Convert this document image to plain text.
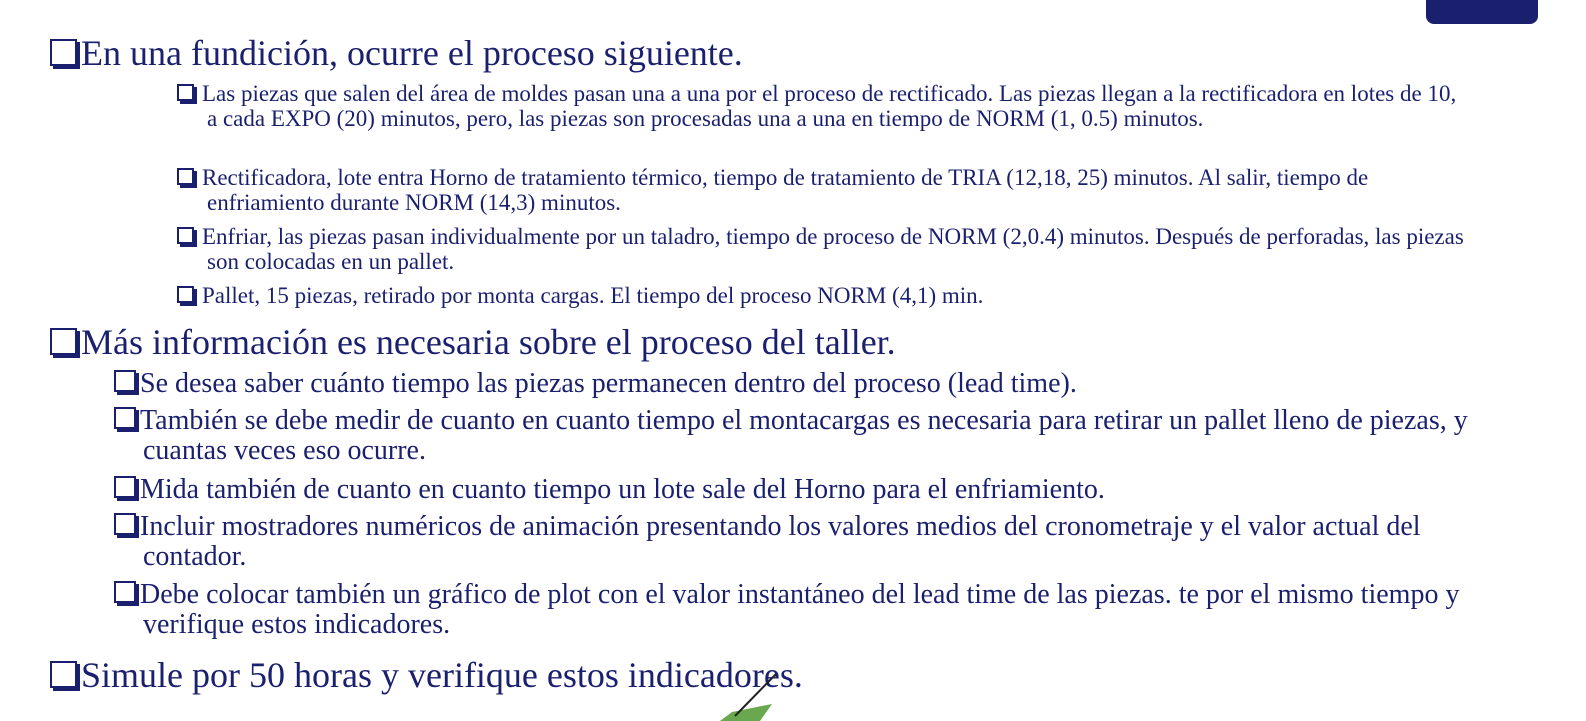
En una fundición, ocurre el proceso siguiente.
Las piezas que salen del área de moldes pasan una a una por el proceso de rectificado. Las piezas llegan a la rectificadora en lotes de 10, a cada EXPO (20) minutos, pero, las piezas son procesadas una a una en tiempo de NORM (1, 0.5) minutos.
Rectificadora, lote entra Horno de tratamiento térmico, tiempo de tratamiento de TRIA (12,18, 25) minutos. Al salir, tiempo de enfriamiento durante NORM (14,3) minutos.
Enfriar, las piezas pasan individualmente por un taladro, tiempo de proceso de NORM (2,0.4) minutos. Después de perforadas, las piezas son colocadas en un pallet.
Pallet, 15 piezas, retirado por monta cargas. El tiempo del proceso NORM (4,1) min.
Más información es necesaria sobre el proceso del taller.
Se desea saber cuánto tiempo las piezas permanecen dentro del proceso (lead time).
También se debe medir de cuanto en cuanto tiempo el montacargas es necesaria para retirar un pallet lleno de piezas, y cuantas veces eso ocurre.
Mida también de cuanto en cuanto tiempo un lote sale del Horno para el enfriamiento.
Incluir mostradores numéricos de animación presentando los valores medios del cronometraje y el valor actual del contador.
Debe colocar también un gráfico de plot con el valor instantáneo del lead time de las piezas. te por el mismo tiempo y verifique estos indicadores.
Simule por 50 horas y verifique estos indicadores.
